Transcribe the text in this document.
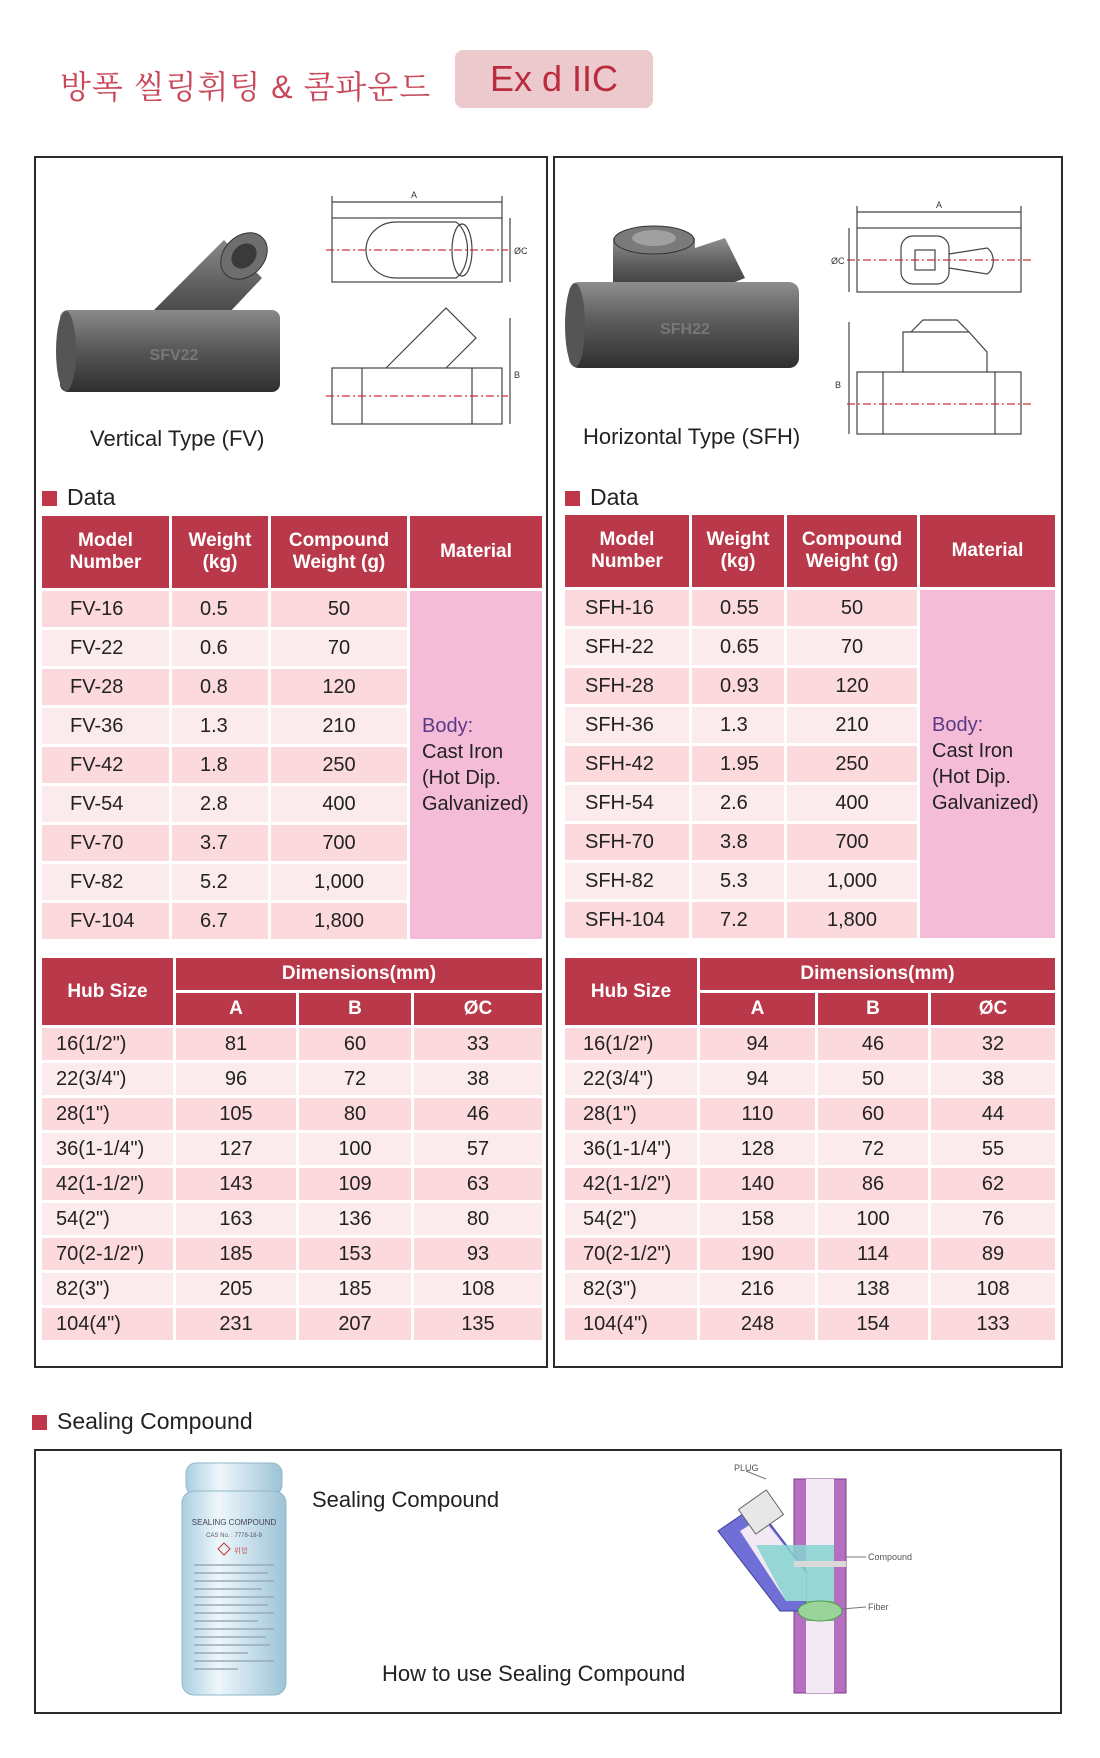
방폭 씰링휘팅 & 콤파운드	Ex d IIC
SFV22
A
ØC
B
Vertical Type (FV)
Data
Model Number	Weight (kg)	Compound Weight (g)	Material
FV-16	0.5	50	Body:
Cast Iron
(Hot Dip.
Galvanized)
FV-22	0.6	70	
FV-28	0.8	120	
FV-36	1.3	210	
FV-42	1.8	250	
FV-54	2.8	400	
FV-70	3.7	700	
FV-82	5.2	1,000	
FV-104	6.7	1,800	
Hub Size	Dimensions(mm)		
	A	B	ØC
16(1/2")	81	60	33
22(3/4")	96	72	38
28(1")	105	80	46
36(1-1/4")	127	100	57
42(1-1/2")	143	109	63
54(2")	163	136	80
70(2-1/2")	185	153	93
82(3")	205	185	108
104(4")	231	207	135
SFH22
A
ØC
B
Horizontal Type (SFH)
Data
Model Number	Weight (kg)	Compound Weight (g)	Material
SFH-16	0.55	50	Body:
Cast Iron
(Hot Dip.
Galvanized)
SFH-22	0.65	70	
SFH-28	0.93	120	
SFH-36	1.3	210	
SFH-42	1.95	250	
SFH-54	2.6	400	
SFH-70	3.8	700	
SFH-82	5.3	1,000	
SFH-104	7.2	1,800	
Hub Size	Dimensions(mm)		
	A	B	ØC
16(1/2")	94	46	32
22(3/4")	94	50	38
28(1")	110	60	44
36(1-1/4")	128	72	55
42(1-1/2")	140	86	62
54(2")	158	100	76
70(2-1/2")	190	114	89
82(3")	216	138	108
104(4")	248	154	133
Sealing Compound
SEALING COMPOUND
CAS No. : 7778-18-9
위험
Sealing Compound
How to use Sealing Compound
PLUG
Compound
Fiber
